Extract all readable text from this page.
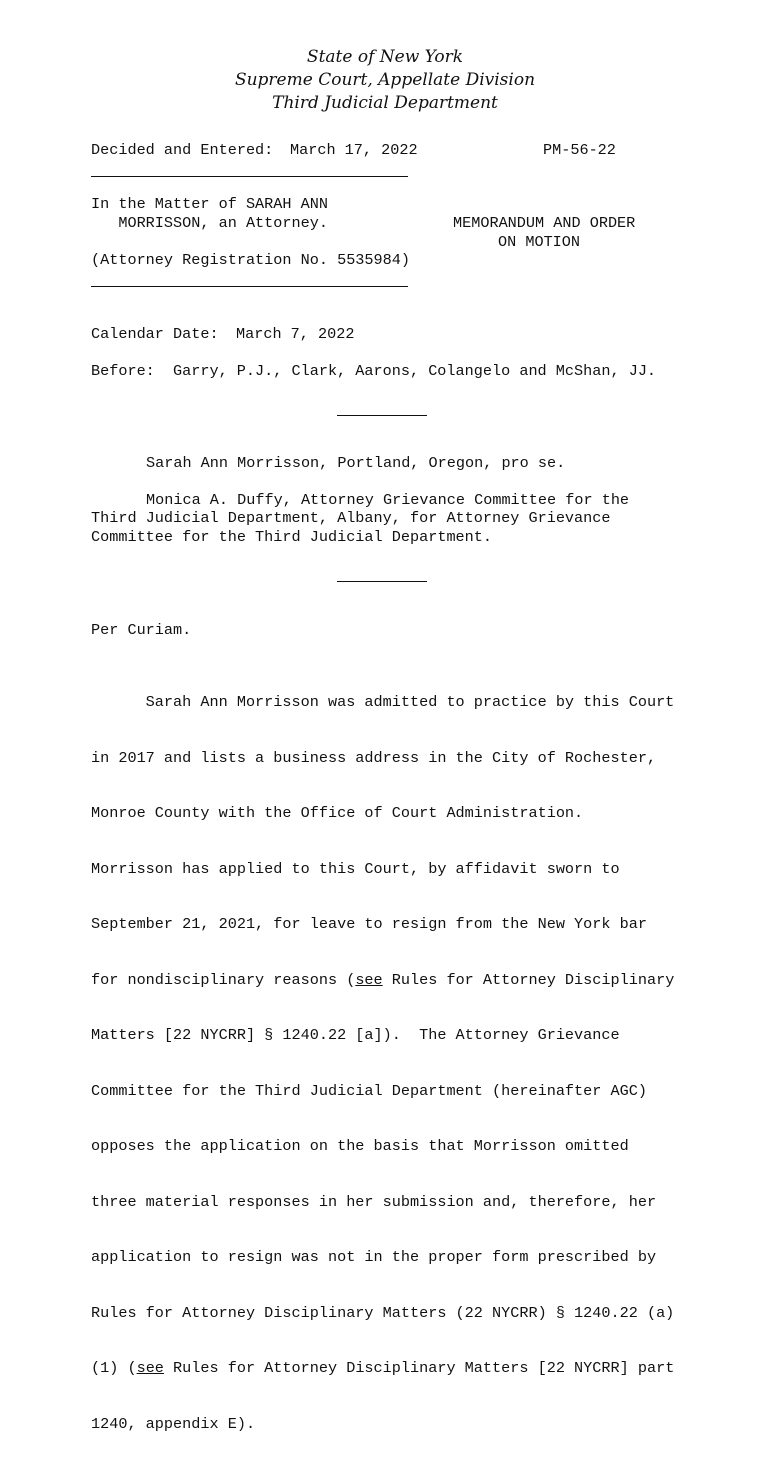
State of New York
Supreme Court, Appellate Division
Third Judicial Department
Decided and Entered: March 17, 2022	PM-56-22
In the Matter of SARAH ANN
MORRISSON, an Attorney.	MEMORANDUM AND ORDER
ON MOTION
(Attorney Registration No. 5535984)
Calendar Date: March 7, 2022
Before: Garry, P.J., Clark, Aarons, Colangelo and McShan, JJ.
Sarah Ann Morrisson, Portland, Oregon, pro se.
Monica A. Duffy, Attorney Grievance Committee for the
Third Judicial Department, Albany, for Attorney Grievance
Committee for the Third Judicial Department.
Per Curiam.

Sarah Ann Morrisson was admitted to practice by this Court

in 2017 and lists a business address in the City of Rochester,

Monroe County with the Office of Court Administration.

Morrisson has applied to this Court, by affidavit sworn to

September 21, 2021, for leave to resign from the New York bar

for nondisciplinary reasons (see Rules for Attorney Disciplinary

Matters [22 NYCRR] § 1240.22 [a]).  The Attorney Grievance

Committee for the Third Judicial Department (hereinafter AGC)

opposes the application on the basis that Morrisson omitted

three material responses in her submission and, therefore, her

application to resign was not in the proper form prescribed by

Rules for Attorney Disciplinary Matters (22 NYCRR) § 1240.22 (a)

(1) (see Rules for Attorney Disciplinary Matters [22 NYCRR] part

1240, appendix E).
